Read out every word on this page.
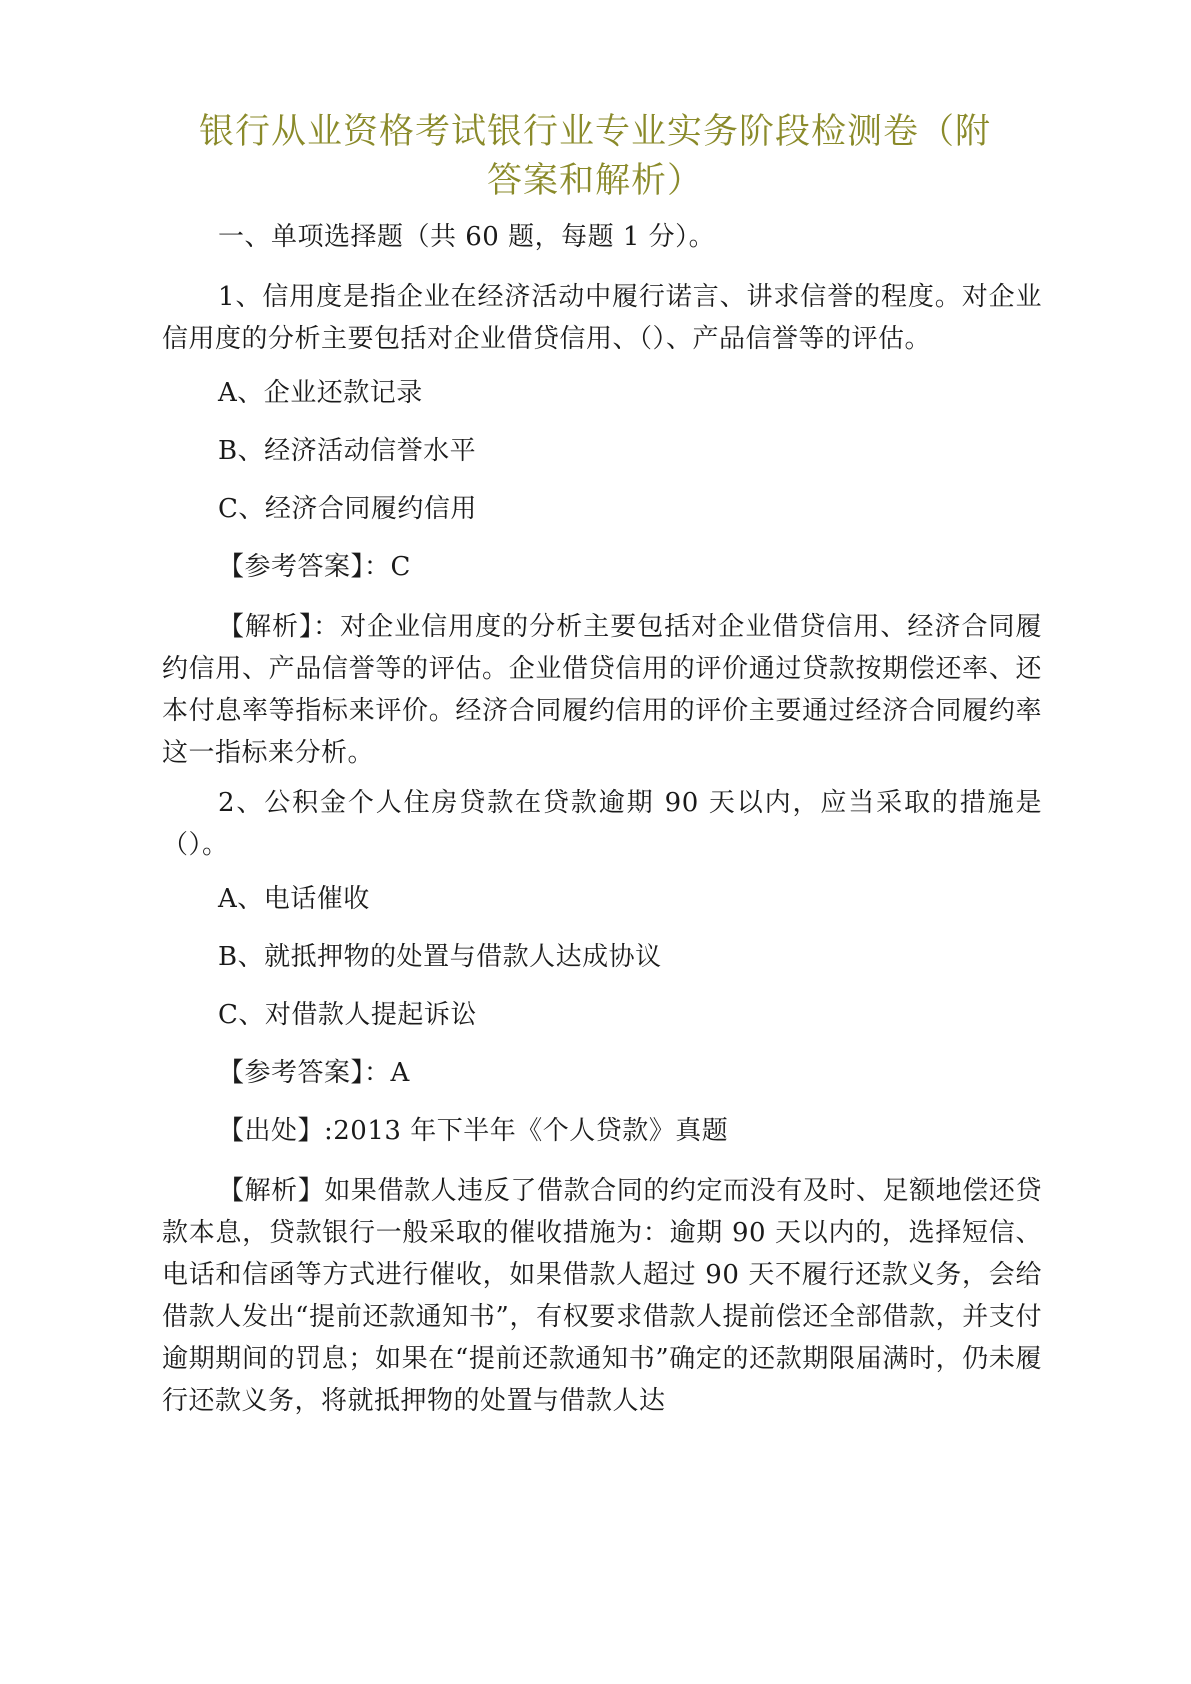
银行从业资格考试银行业专业实务阶段检测卷（附
答案和解析）
一、单项选择题（共 60 题，每题 1 分）。
1、信用度是指企业在经济活动中履行诺言、讲求信誉的程度。对企业信用度的分析主要包括对企业借贷信用、（）、产品信誉等的评估。
A、企业还款记录
B、经济活动信誉水平
C、经济合同履约信用
【参考答案】：C
【解析】：对企业信用度的分析主要包括对企业借贷信用、经济合同履约信用、产品信誉等的评估。企业借贷信用的评价通过贷款按期偿还率、还本付息率等指标来评价。经济合同履约信用的评价主要通过经济合同履约率这一指标来分析。
2、公积金个人住房贷款在贷款逾期 90 天以内，应当采取的措施是（）。
A、电话催收
B、就抵押物的处置与借款人达成协议
C、对借款人提起诉讼
【参考答案】：A
【出处】:2013 年下半年《个人贷款》真题
【解析】如果借款人违反了借款合同的约定而没有及时、足额地偿还贷款本息，贷款银行一般采取的催收措施为：逾期 90 天以内的，选择短信、电话和信函等方式进行催收，如果借款人超过 90 天不履行还款义务，会给借款人发出“提前还款通知书”，有权要求借款人提前偿还全部借款，并支付逾期期间的罚息；如果在“提前还款通知书”确定的还款期限届满时，仍未履行还款义务，将就抵押物的处置与借款人达
